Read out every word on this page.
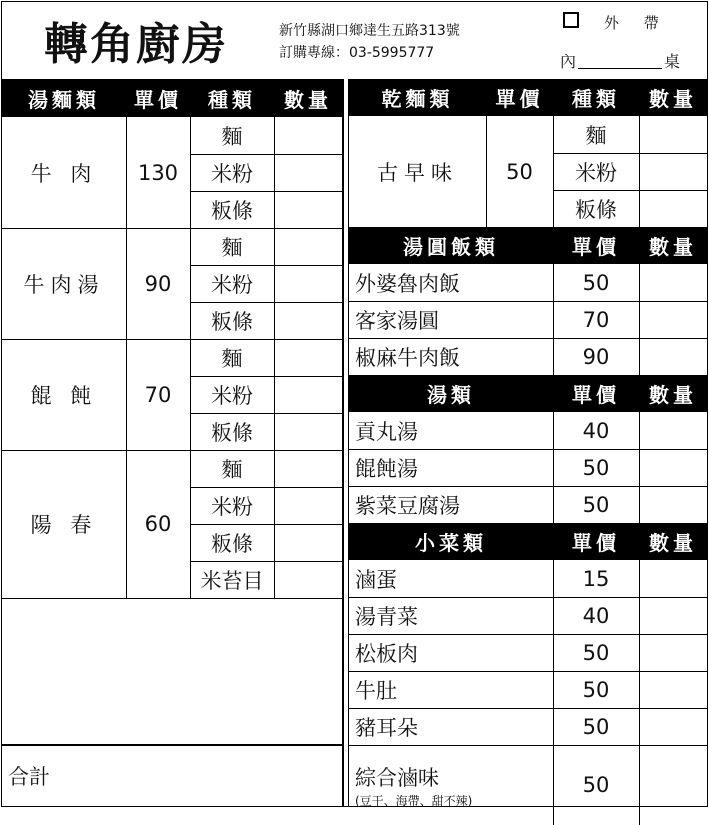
轉角廚房	新竹縣湖口鄉達生五路313號
訂購專線：03-5995777
外 帶
內	桌
湯麵類	單價	種類	數量
牛 肉	130
麵
米粉
粄條
牛肉湯	90
麵
米粉
粄條
餛 飩	70
麵
米粉
粄條
陽 春	60
麵
米粉
粄條
米苔目
合計
乾麵類	單價	種類	數量
古早味	50
麵
米粉
粄條
湯圓飯類	單價	數量
外婆魯肉飯	50
客家湯圓	70
椒麻牛肉飯	90
湯類	單價	數量
貢丸湯	40
餛飩湯	50
紫菜豆腐湯	50
小菜類	單價	數量
滷蛋	15
湯青菜	40
松板肉	50
牛肚	50
豬耳朵	50
綜合滷味
(豆干、海帶、甜不辣)
50
